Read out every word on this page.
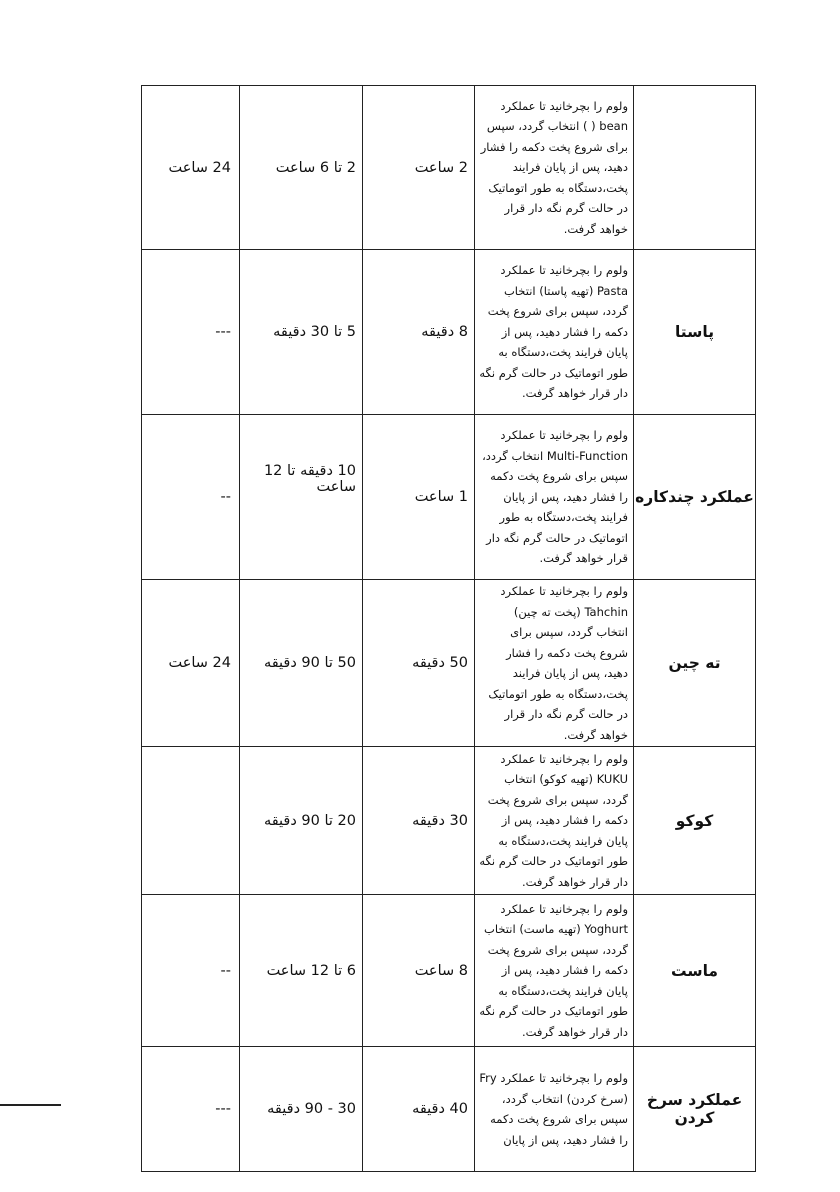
	ولوم را بچرخانید تا عملکرد bean ( ) انتخاب گردد، سپس برای شروع پخت دکمه را فشار دهید، پس از پایان فرایند پخت،دستگاه به طور اتوماتیک در حالت گرم نگه دار قرار خواهد گرفت.	2 ساعت	2 تا 6 ساعت	24 ساعت
پاستا	ولوم را بچرخانید تا عملکرد Pasta (تهیه پاستا) انتخاب گردد، سپس برای شروع پخت دکمه را فشار دهید، پس از پایان فرایند پخت،دستگاه به طور اتوماتیک در حالت گرم نگه دار قرار خواهد گرفت.	8 دقیقه	5 تا 30 دقیقه	---
عملکرد چندکاره	ولوم را بچرخانید تا عملکرد Multi-Function انتخاب گردد، سپس برای شروع پخت دکمه را فشار دهید، پس از پایان فرایند پخت،دستگاه به طور اتوماتیک در حالت گرم نگه دار قرار خواهد گرفت.	1 ساعت	10 دقیقه تا 12 ساعت	--
ته چین	ولوم را بچرخانید تا عملکرد Tahchin (پخت ته چین) انتخاب گردد، سپس برای شروع پخت دکمه را فشار دهید، پس از پایان فرایند پخت،دستگاه به طور اتوماتیک در حالت گرم نگه دار قرار خواهد گرفت.	50 دقیقه	50 تا 90 دقیقه	24 ساعت
کوکو	ولوم را بچرخانید تا عملکرد KUKU (تهیه کوکو) انتخاب گردد، سپس برای شروع پخت دکمه را فشار دهید، پس از پایان فرایند پخت،دستگاه به طور اتوماتیک در حالت گرم نگه دار قرار خواهد گرفت.	30 دقیقه	20 تا 90 دقیقه	
ماست	ولوم را بچرخانید تا عملکرد Yoghurt (تهیه ماست) انتخاب گردد، سپس برای شروع پخت دکمه را فشار دهید، پس از پایان فرایند پخت،دستگاه به طور اتوماتیک در حالت گرم نگه دار قرار خواهد گرفت.	8 ساعت	6 تا 12 ساعت	--
عملکرد سرخ کردن	ولوم را بچرخانید تا عملکرد Fry (سرخ کردن) انتخاب گردد، سپس برای شروع پخت دکمه را فشار دهید، پس از پایان	40 دقیقه	30 - 90 دقیقه	---
